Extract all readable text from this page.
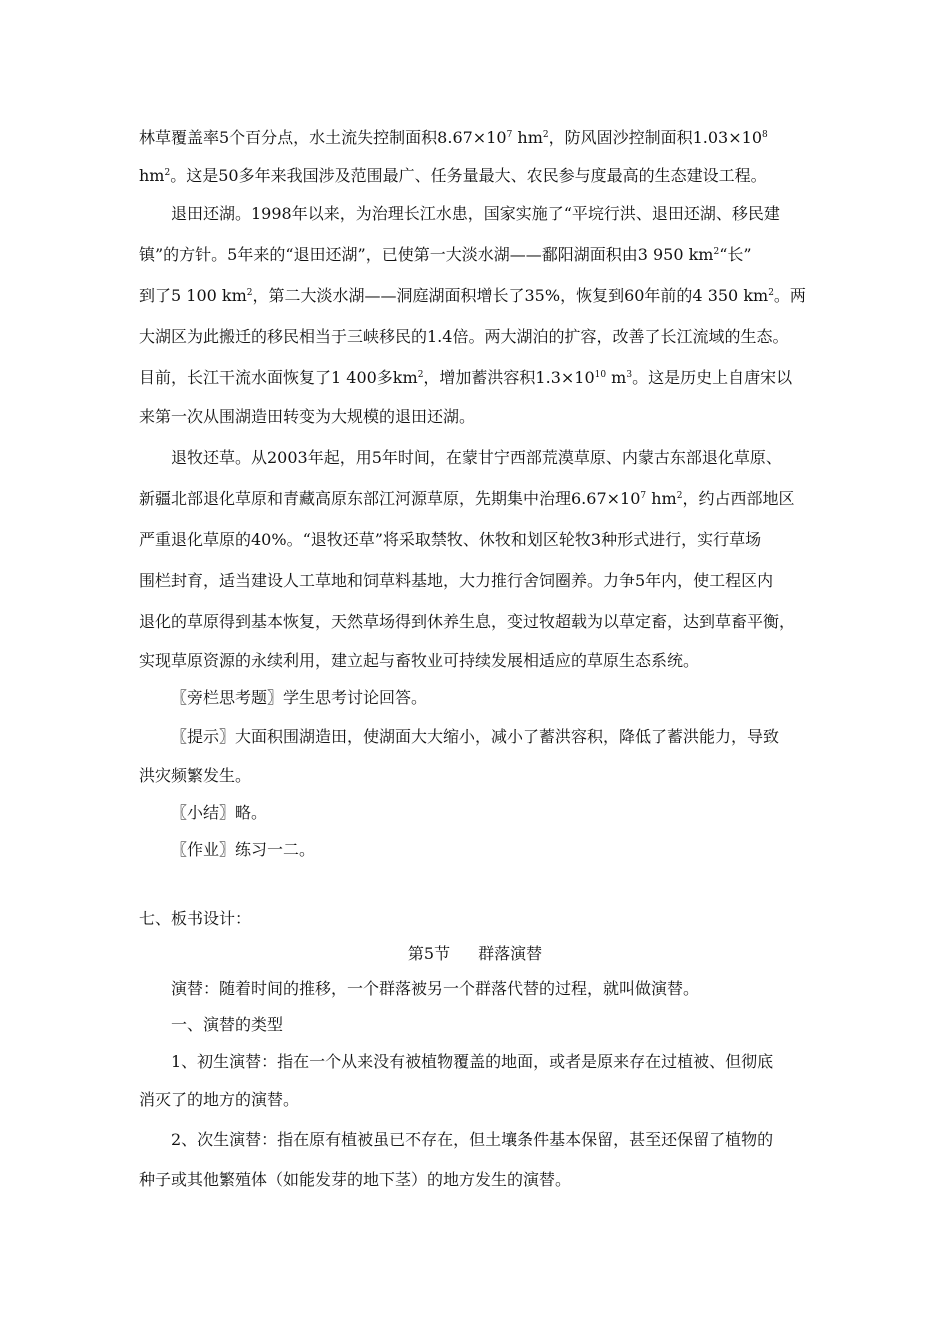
林草覆盖率5个百分点，水土流失控制面积$8.67\times 10^7$ $hm^2$，防风固沙控制面积$1.03\times 10^8$
$hm^2$。这是50多年来我国涉及范围最广、任务量最大、农民参与度最高的生态建设工程。
退田还湖。1998年以来，为治理长江水患，国家实施了“平垸行洪、退田还湖、移民建
镇”的方针。5年来的“退田还湖”，已使第一大淡水湖——鄱阳湖面积由3 950 $km^2“$长”
到了5 100 $km^2$，第二大淡水湖——洞庭湖面积增长了35%，恢复到60年前的4 350 $km^2$。两
大湖区为此搬迁的移民相当于三峡移民的1.4倍。两大湖泊的扩容，改善了长江流域的生态。
目前，长江干流水面恢复了1 400多$km^2$，增加蓄洪容积$1.3\times 10^{10}$ $m^3$。这是历史上自唐宋以
来第一次从围湖造田转变为大规模的退田还湖。
退牧还草。从2003年起，用5年时间，在蒙甘宁西部荒漠草原、内蒙古东部退化草原、
新疆北部退化草原和青藏高原东部江河源草原，先期集中治理$6.67\times 10^7$ $hm^2$，约占西部地区
严重退化草原的40%。“退牧还草”将采取禁牧、休牧和划区轮牧3种形式进行，实行草场
围栏封育，适当建设人工草地和饲草料基地，大力推行舍饲圈养。力争5年内，使工程区内
退化的草原得到基本恢复，天然草场得到休养生息，变过牧超载为以草定畜，达到草畜平衡，
实现草原资源的永续利用，建立起与畜牧业可持续发展相适应的草原生态系统。
〖旁栏思考题〗学生思考讨论回答。
〖提示〗大面积围湖造田，使湖面大大缩小，减小了蓄洪容积，降低了蓄洪能力，导致
洪灾频繁发生。
〖小结〗略。
〖作业〗练习一二。
七、板书设计：
第5节 群落演替
演替：随着时间的推移，一个群落被另一个群落代替的过程，就叫做演替。
一、演替的类型
1、初生演替：指在一个从来没有被植物覆盖的地面，或者是原来存在过植被、但彻底
消灭了的地方的演替。
2、次生演替：指在原有植被虽已不存在，但土壤条件基本保留，甚至还保留了植物的
种子或其他繁殖体（如能发芽的地下茎）的地方发生的演替。
